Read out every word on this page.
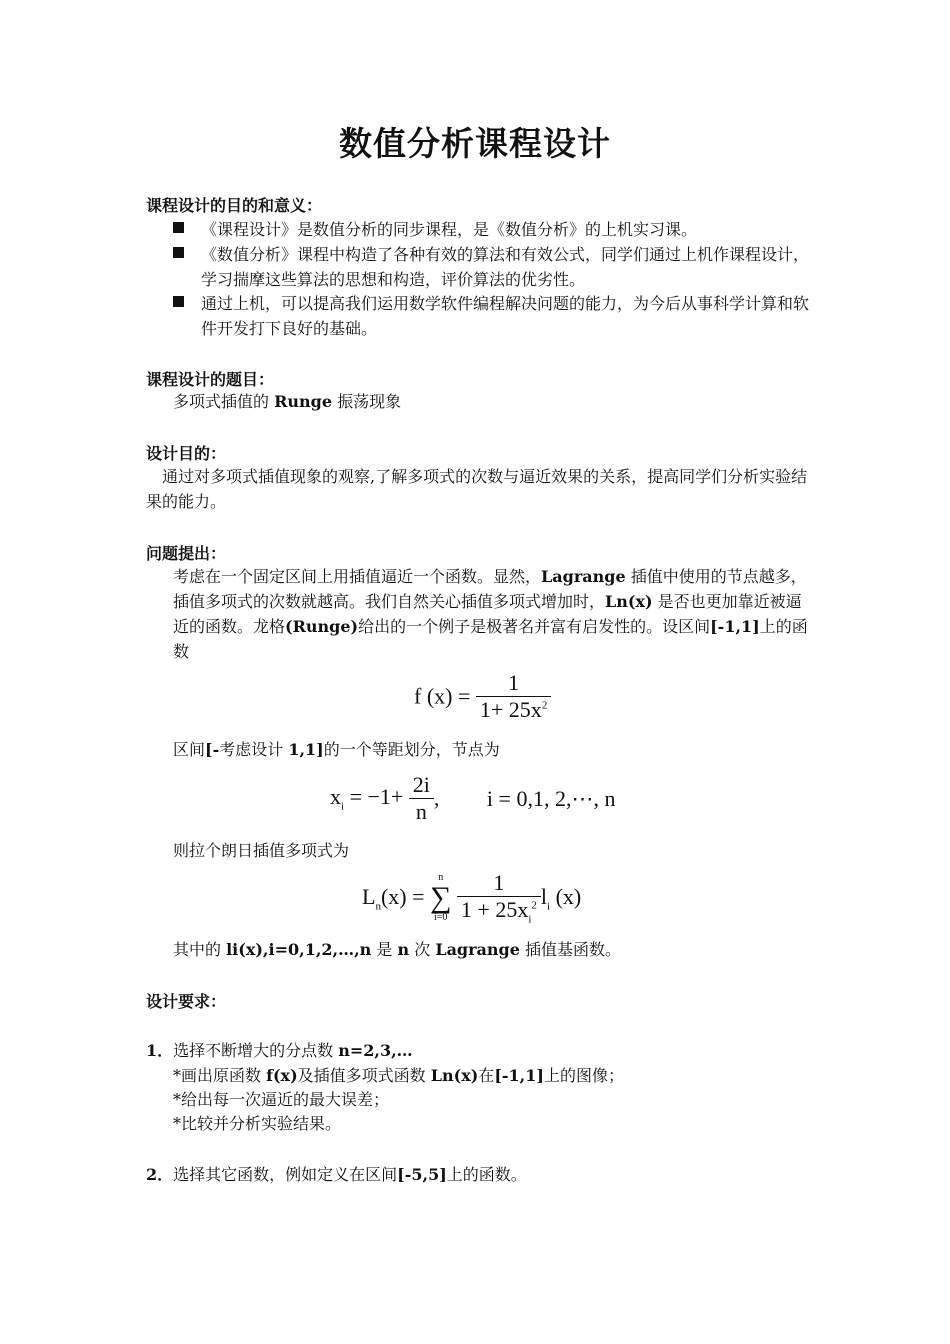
数值分析课程设计
课程设计的目的和意义：
《课程设计》是数值分析的同步课程，是《数值分析》的上机实习课。
《数值分析》课程中构造了各种有效的算法和有效公式，同学们通过上机作课程设计，学习揣摩这些算法的思想和构造，评价算法的优劣性。
通过上机，可以提高我们运用数学软件编程解决问题的能力，为今后从事科学计算和软件开发打下良好的基础。
课程设计的题目：
多项式插值的 Runge 振荡现象
设计目的：
通过对多项式插值现象的观察,了解多项式的次数与逼近效果的关系，提高同学们分析实验结果的能力。
问题提出：
考虑在一个固定区间上用插值逼近一个函数。显然，Lagrange 插值中使用的节点越多，插值多项式的次数就越高。我们自然关心插值多项式增加时，Ln(x) 是否也更加靠近被逼近的函数。龙格(Runge)给出的一个例子是极著名并富有启发性的。设区间[-1,1]上的函数
f $(x) = \frac{1}{1+ 25x^2}$
区间[-考虑设计 1,1]的一个等距划分，节点为
$x_i = -1+ \frac{2i}{n}$ , i = 0,1, 2,⋯, n
则拉个朗日插值多项式为
$L_n(x)$ =
n
∑
i=0
$\frac{1}{1 + 25x_i^2} l_i$ (x)
其中的 li(x),i=0,1,2,…,n 是 n 次 Lagrange 插值基函数。
设计要求：
1．选择不断增大的分点数 n=2,3,…
*画出原函数 f(x)及插值多项式函数 Ln(x)在[-1,1]上的图像；
*给出每一次逼近的最大误差；
*比较并分析实验结果。
2．选择其它函数，例如定义在区间[-5,5]上的函数。
